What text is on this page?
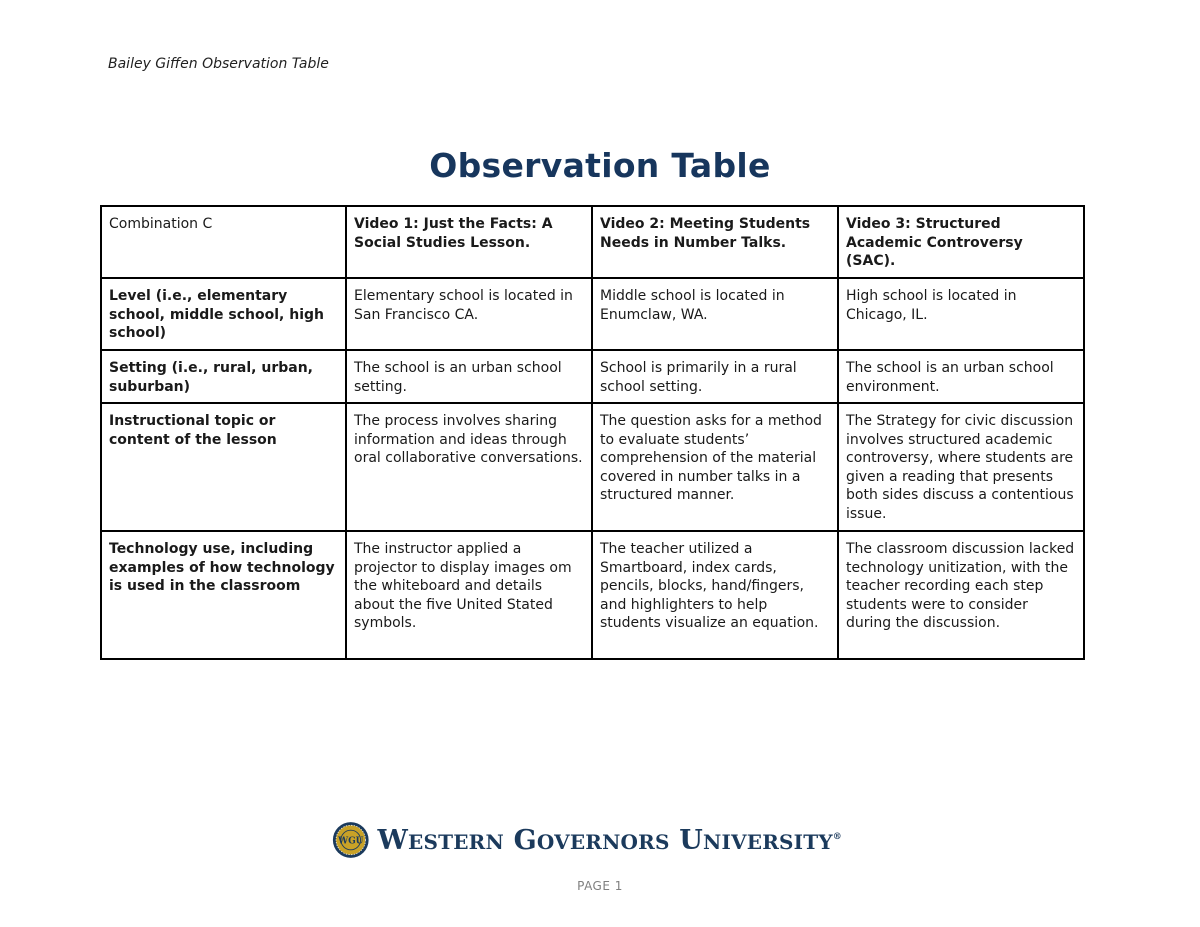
Bailey Giffen Observation Table
Observation Table
Combination C	Video 1: Just the Facts: A Social Studies Lesson.	Video 2: Meeting Students Needs in Number Talks.	Video 3: Structured Academic Controversy (SAC).
Level (i.e., elementary school, middle school, high school)	Elementary school is located in San Francisco CA.	Middle school is located in Enumclaw, WA.	High school is located in Chicago, IL.
Setting (i.e., rural, urban, suburban)	The school is an urban school setting.	School is primarily in a rural school setting.	The school is an urban school environment.
Instructional topic or content of the lesson	The process involves sharing information and ideas through oral collaborative conversations.	The question asks for a method to evaluate students’ comprehension of the material covered in number talks in a structured manner.	The Strategy for civic discussion involves structured academic controversy, where students are given a reading that presents both sides discuss a contentious issue.
Technology use, including examples of how technology is used in the classroom	The instructor applied a projector to display images om the whiteboard and details about the five United Stated symbols.	The teacher utilized a Smartboard, index cards, pencils, blocks, hand/fingers, and highlighters to help students visualize an equation.	The classroom discussion lacked technology unitization, with the teacher recording each step students were to consider during the discussion.
WGU WESTERN GOVERNORS UNIVERSITY®
PAGE 1
